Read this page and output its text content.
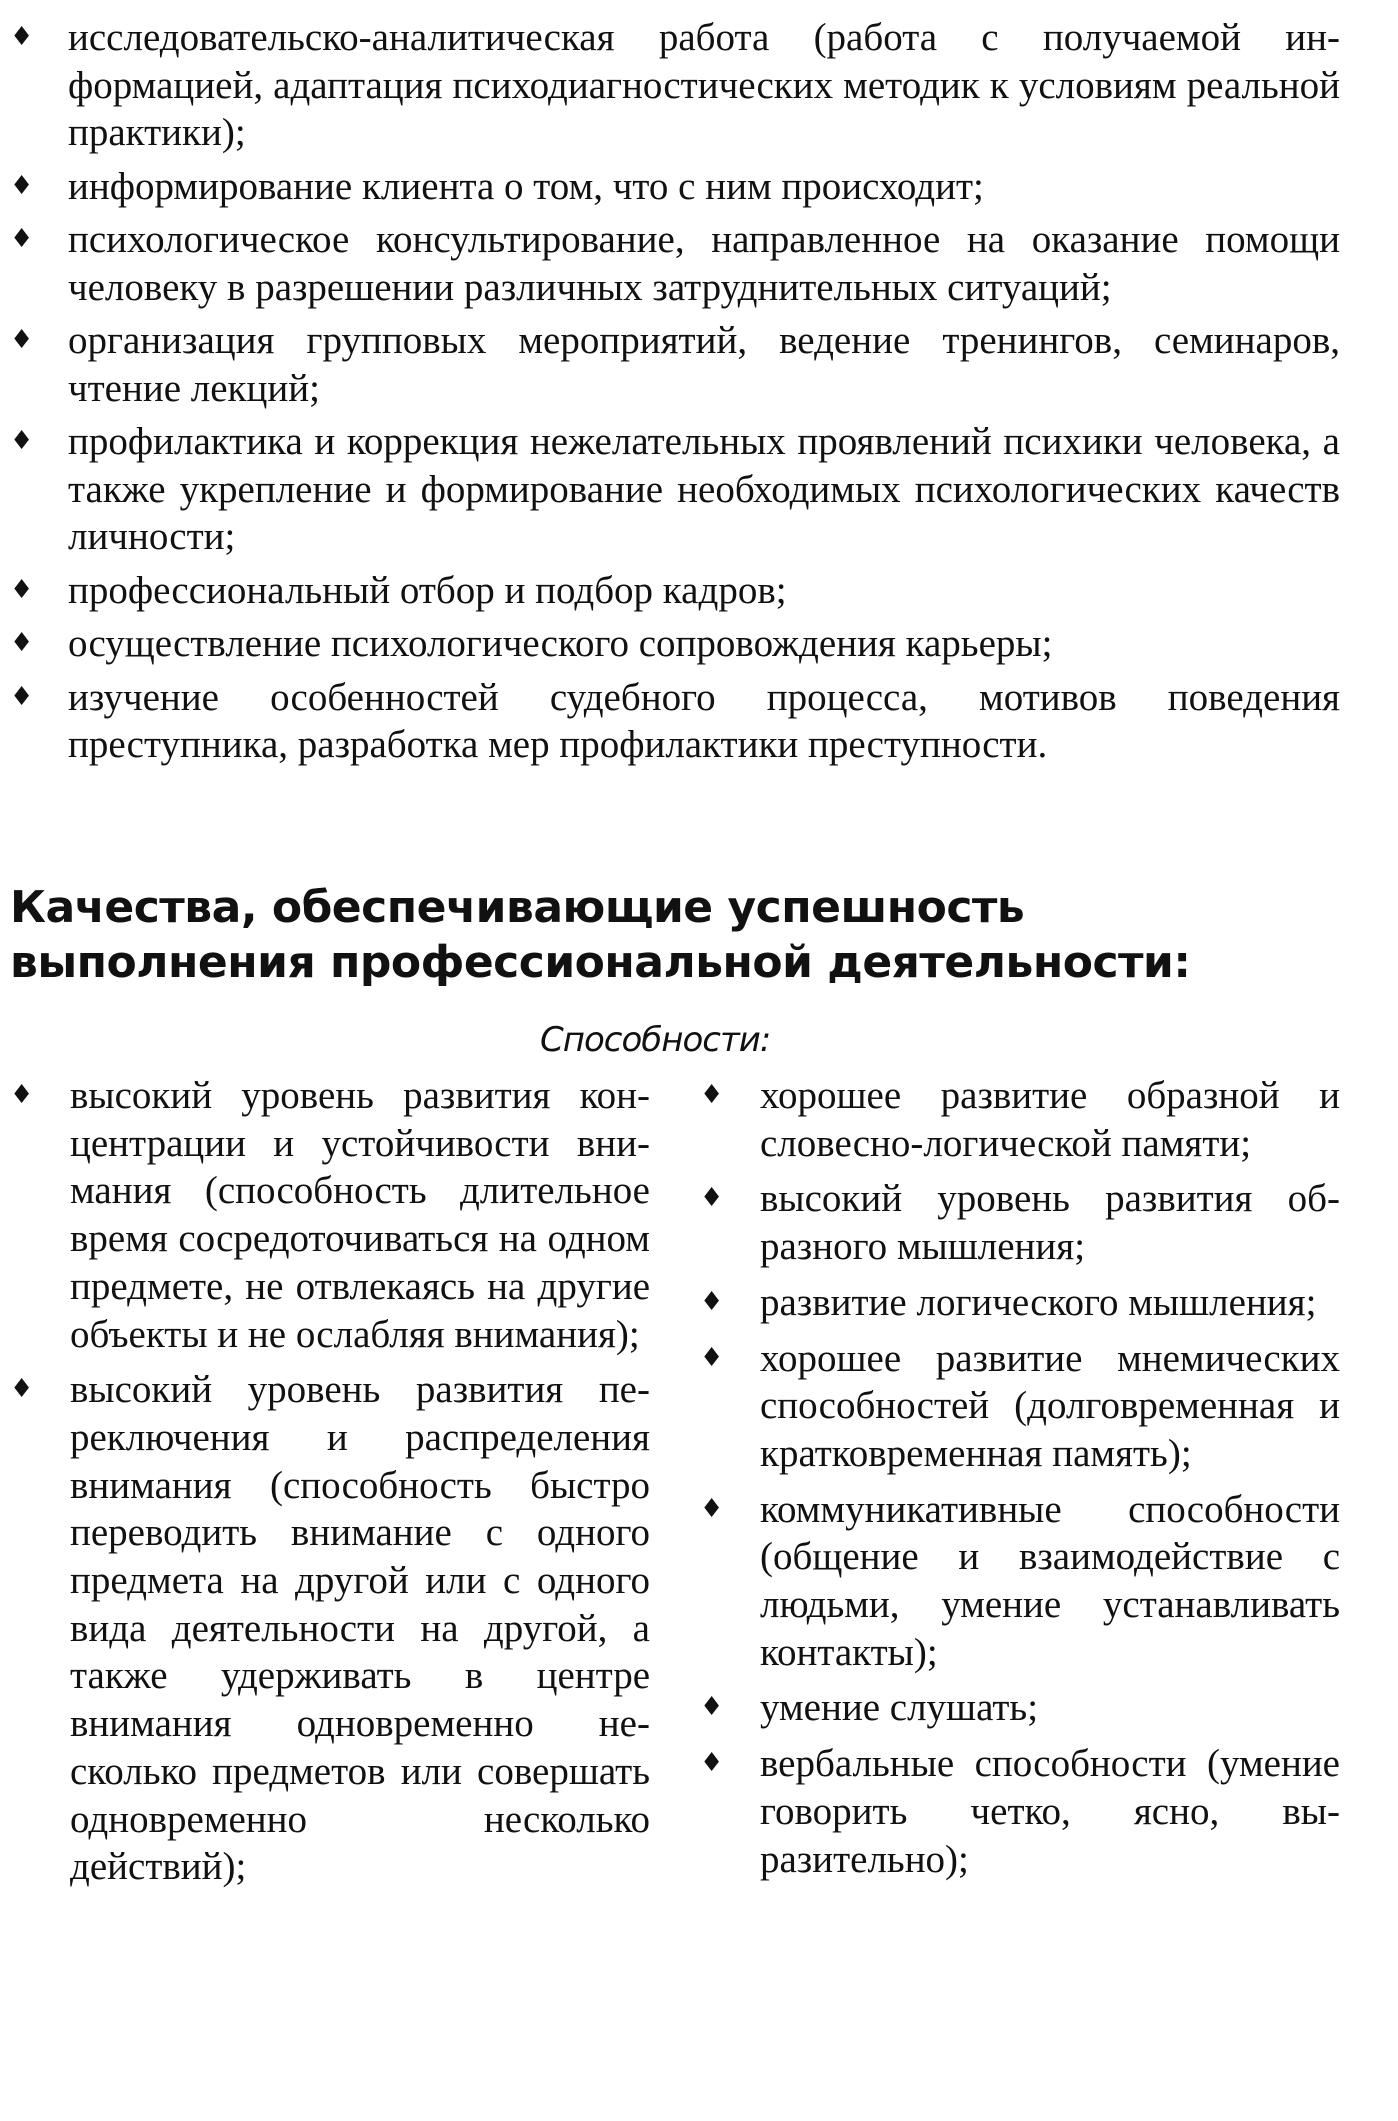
♦ исследовательско-аналитическая работа (работа с получаемой информацией, адаптация психодиагностических методик к условиям реальной практики);
♦ информирование клиента о том, что с ним происходит;
♦ психологическое консультирование, направленное на оказание помощи человеку в разрешении различных затруднительных ситуаций;
♦ организация групповых мероприятий, ведение тренингов, семинаров, чтение лекций;
♦ профилактика и коррекция нежелательных проявлений психики человека, а также укрепление и формирование необходимых психологических качеств личности;
♦ профессиональный отбор и подбор кадров;
♦ осуществление психологического сопровождения карьеры;
♦ изучение особенностей судебного процесса, мотивов поведения преступника, разработка мер профилактики преступности.
Качества, обеспечивающие успешность выполнения профессиональной деятельности:
Способности:
♦ высокий уровень развития концентрации и устойчивости внимания (способность длительное время сосредоточиваться на одном предмете, не отвлекаясь на другие объекты и не ослабляя внимания);
♦ высокий уровень развития переключения и распределения внимания (способность быстро переводить внимание с одного предмета на другой или с одного вида деятельности на другой, а также удерживать в центре внимания одновременно несколько предметов или совершать одновременно несколько действий);
♦ хорошее развитие образной и словесно-логической памяти;
♦ высокий уровень развития образного мышления;
♦ развитие логического мышления;
♦ хорошее развитие мнемических способностей (долговременная и кратковременная память);
♦ коммуникативные способности (общение и взаимодействие с людьми, умение устанавливать контакты);
♦ умение слушать;
♦ вербальные способности (умение говорить четко, ясно, выразительно);
